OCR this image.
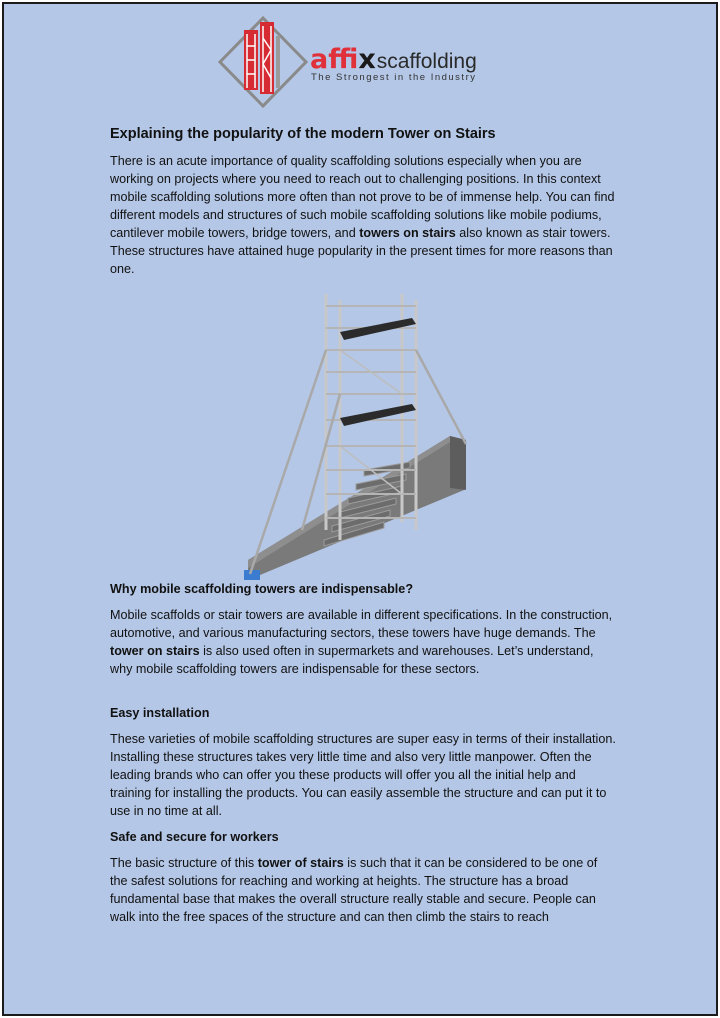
affix scaffolding
The Strongest in the Industry
Explaining the popularity of the modern Tower on Stairs

There is an acute importance of quality scaffolding solutions especially when you are working on projects where you need to reach out to challenging positions. In this context mobile scaffolding solutions more often than not prove to be of immense help. You can find different models and structures of such mobile scaffolding solutions like mobile podiums, cantilever mobile towers, bridge towers, and towers on stairs also known as stair towers. These structures have attained huge popularity in the present times for more reasons than one.

Why mobile scaffolding towers are indispensable?

Mobile scaffolds or stair towers are available in different specifications. In the construction, automotive, and various manufacturing sectors, these towers have huge demands. The tower on stairs is also used often in supermarkets and warehouses. Let’s understand, why mobile scaffolding towers are indispensable for these sectors.

Easy installation

These varieties of mobile scaffolding structures are super easy in terms of their installation. Installing these structures takes very little time and also very little manpower. Often the leading brands who can offer you these products will offer you all the initial help and training for installing the products. You can easily assemble the structure and can put it to use in no time at all.

Safe and secure for workers

The basic structure of this tower of stairs is such that it can be considered to be one of the safest solutions for reaching and working at heights. The structure has a broad fundamental base that makes the overall structure really stable and secure. People can walk into the free spaces of the structure and can then climb the stairs to reach
